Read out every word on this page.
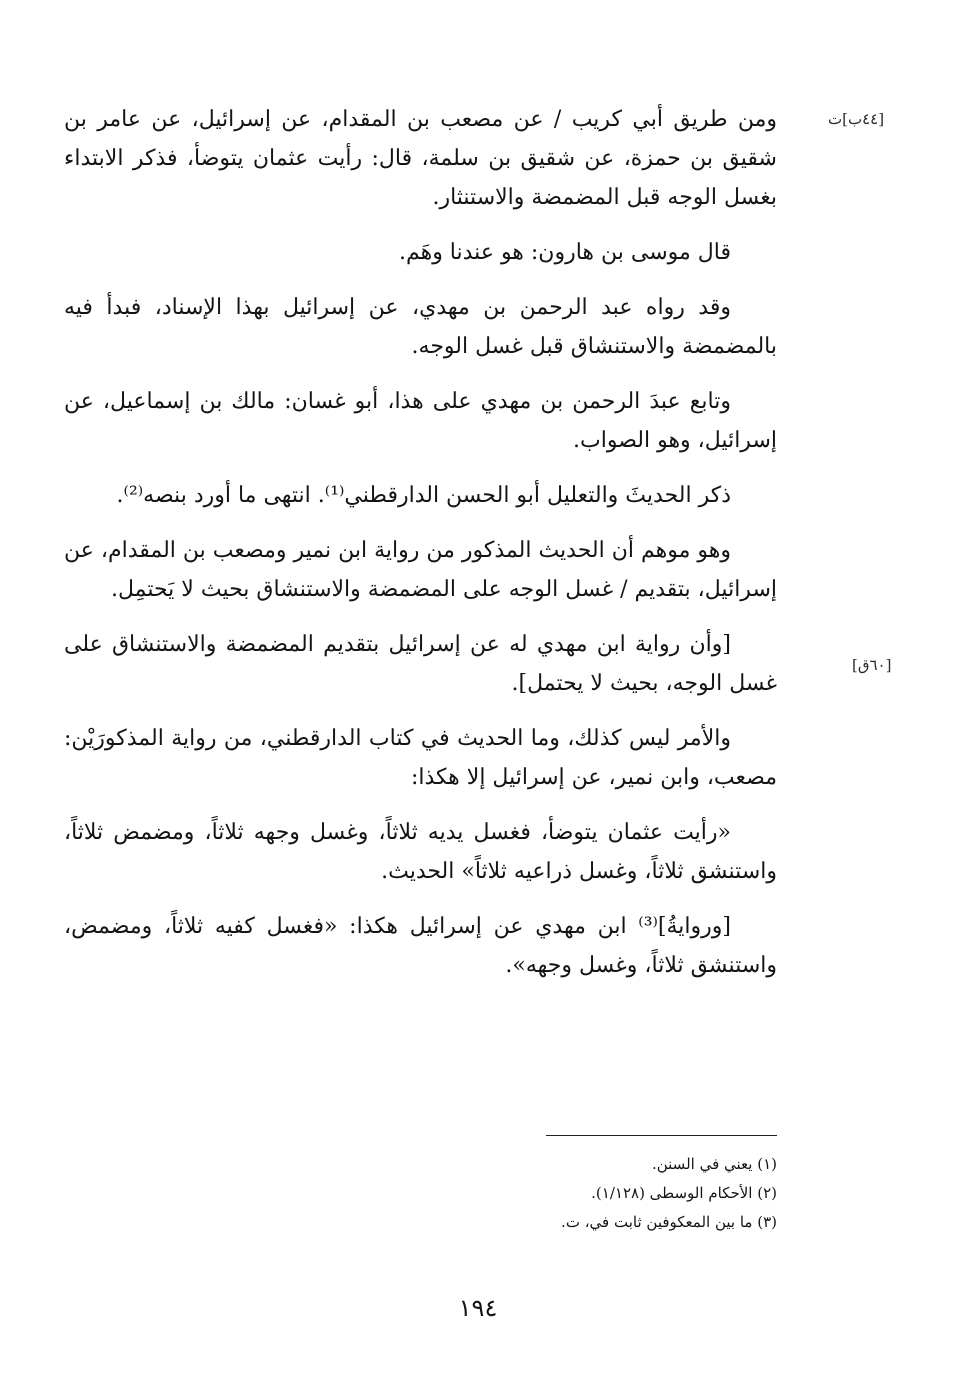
[٤٤ب]ت
[٦٠ق]

ومن طريق أبي كريب / عن مصعب بن المقدام، عن إسرائيل، عن عامر بن شقيق بن حمزة، عن شقيق بن سلمة، قال: رأيت عثمان يتوضأ، فذكر الابتداء بغسل الوجه قبل المضمضة والاستنثار.

قال موسى بن هارون: هو عندنا وهَم.

وقد رواه عبد الرحمن بن مهدي، عن إسرائيل بهذا الإسناد، فبدأ فيه بالمضمضة والاستنشاق قبل غسل الوجه.

وتابع عبدَ الرحمن بن مهدي على هذا، أبو غسان: مالك بن إسماعيل، عن إسرائيل، وهو الصواب.

ذكر الحديثَ والتعليل أبو الحسن الدارقطني⁽¹⁾. انتهى ما أورد بنصه⁽²⁾.

وهو موهم أن الحديث المذكور من رواية ابن نمير ومصعب بن المقدام، عن إسرائيل، بتقديم / غسل الوجه على المضمضة والاستنشاق بحيث لا يَحتمِل.

[وأن رواية ابن مهدي له عن إسرائيل بتقديم المضمضة والاستنشاق على غسل الوجه، بحيث لا يحتمل].

والأمر ليس كذلك، وما الحديث في كتاب الدارقطني، من رواية المذكورَيْن: مصعب، وابن نمير، عن إسرائيل إلا هكذا:

«رأيت عثمان يتوضأ، فغسل يديه ثلاثاً، وغسل وجهه ثلاثاً، ومضمض ثلاثاً، واستنشق ثلاثاً، وغسل ذراعيه ثلاثاً» الحديث.

[وروايةُ]⁽³⁾ ابن مهدي عن إسرائيل هكذا: «فغسل كفيه ثلاثاً، ومضمض، واستنشق ثلاثاً، وغسل وجهه».

(١) يعني في السنن.

(٢) الأحكام الوسطى (١/١٢٨).

(٣) ما بين المعكوفين ثابت في، ت.

١٩٤
